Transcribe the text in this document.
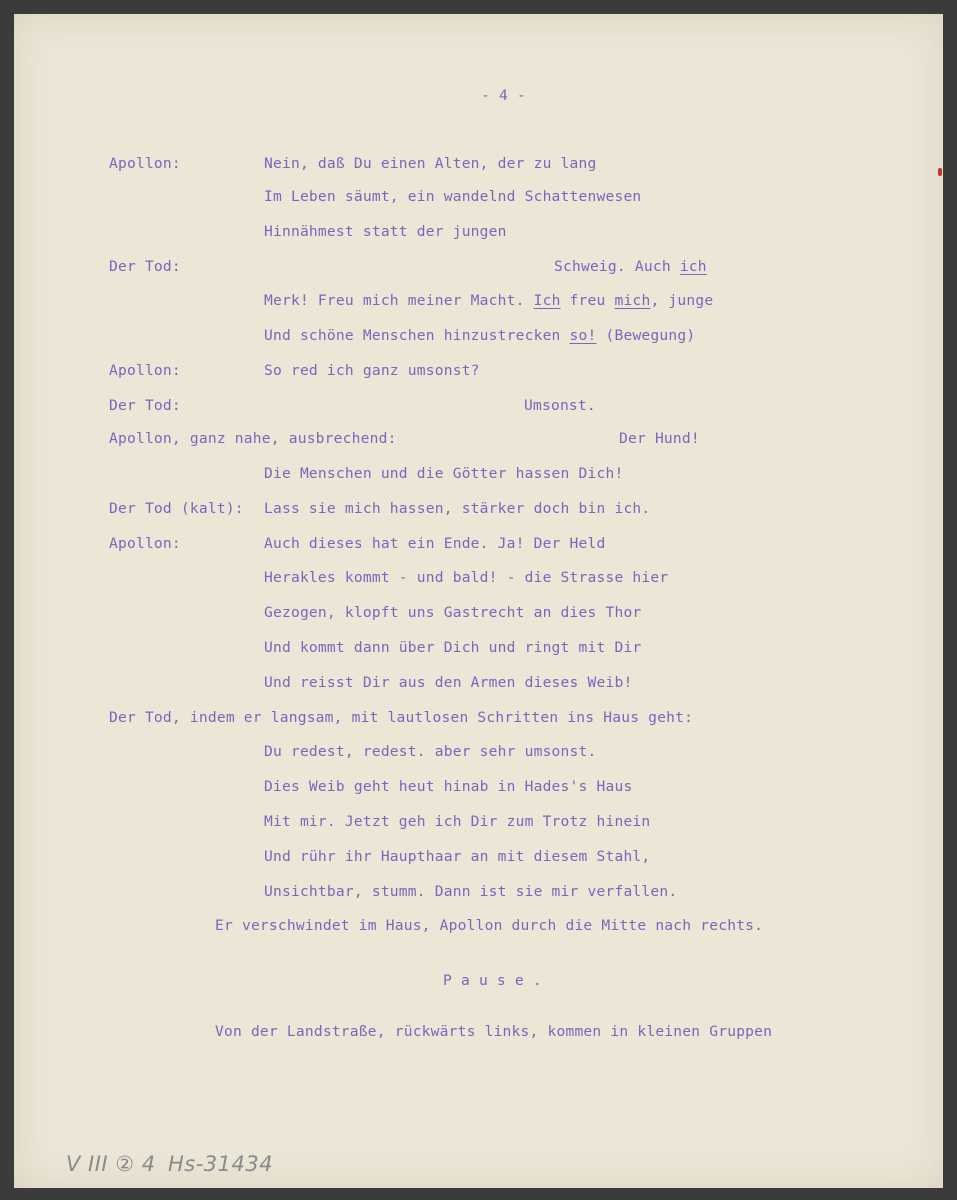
- 4 -
Apollon:	Nein, daß Du einen Alten, der zu lang
Im Leben säumt, ein wandelnd Schattenwesen
Hinnähmest statt der jungen
Der Tod:	Schweig. Auch ich
Merk! Freu mich meiner Macht. Ich freu mich, junge
Und schöne Menschen hinzustrecken so! (Bewegung)
Apollon:	So red ich ganz umsonst?
Der Tod:	Umsonst.
Apollon, ganz nahe, ausbrechend:	Der Hund!
Die Menschen und die Götter hassen Dich!
Der Tod (kalt): Lass sie mich hassen, stärker doch bin ich.
Apollon:	Auch dieses hat ein Ende. Ja! Der Held
Herakles kommt - und bald! - die Strasse hier
Gezogen, klopft uns Gastrecht an dies Thor
Und kommt dann über Dich und ringt mit Dir
Und reisst Dir aus den Armen dieses Weib!
Der Tod, indem er langsam, mit lautlosen Schritten ins Haus geht:
Du redest, redest. aber sehr umsonst.
Dies Weib geht heut hinab in Hades's Haus
Mit mir. Jetzt geh ich Dir zum Trotz hinein
Und rühr ihr Haupthaar an mit diesem Stahl,
Unsichtbar, stumm. Dann ist sie mir verfallen.
Er verschwindet im Haus, Apollon durch die Mitte nach rechts.
P a u s e .
Von der Landstraße, rückwärts links, kommen in kleinen Gruppen
V III ② 4 Hs-31434
